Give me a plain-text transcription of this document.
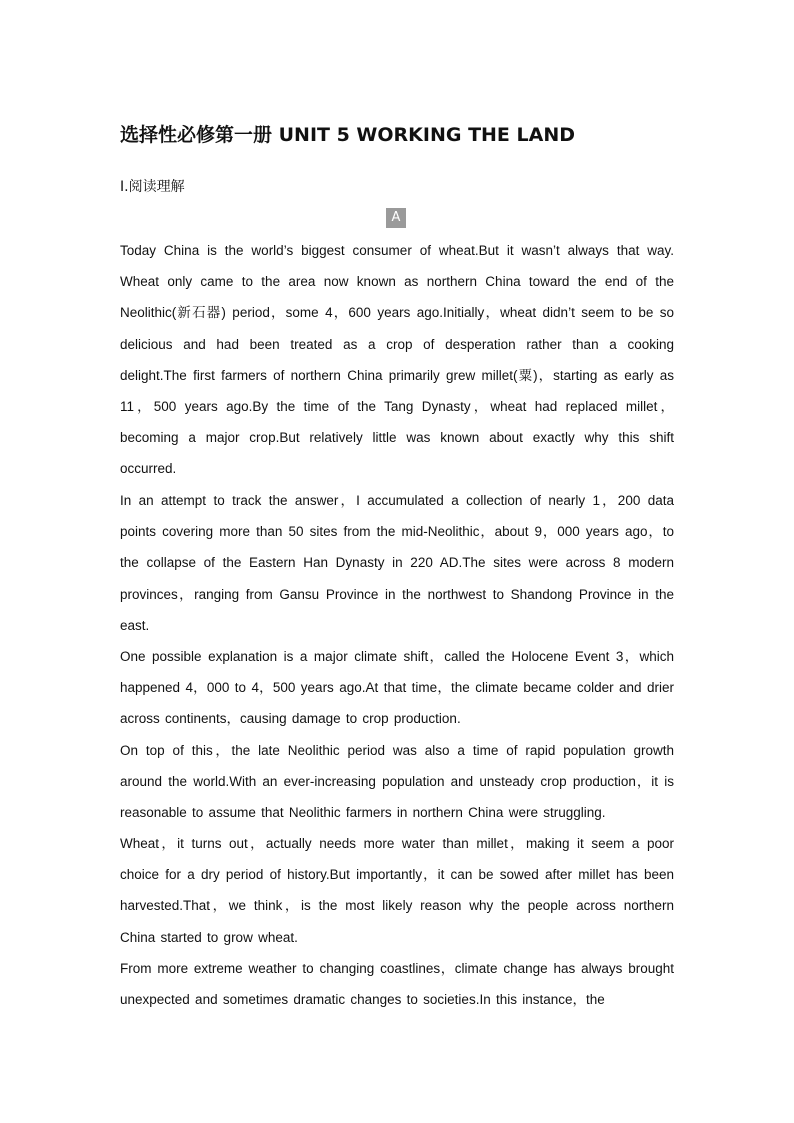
选择性必修第一册 UNIT 5 WORKING THE LAND
Ⅰ.阅读理解
A

Today China is the world’s biggest consumer of wheat.But it wasn’t always that way. Wheat only came to the area now known as northern China toward the end of the Neolithic(新石器) period，some 4，600 years ago.Initially，wheat didn’t seem to be so delicious and had been treated as a crop of desperation rather than a cooking delight.The first farmers of northern China primarily grew millet(粟)，starting as early as 11，500 years ago.By the time of the Tang Dynasty，wheat had replaced millet，becoming a major crop.But relatively little was known about exactly why this shift occurred.

In an attempt to track the answer，I accumulated a collection of nearly 1，200 data points covering more than 50 sites from the mid-Neolithic，about 9，000 years ago，to the collapse of the Eastern Han Dynasty in 220 AD.The sites were across 8 modern provinces，ranging from Gansu Province in the northwest to Shandong Province in the east.

One possible explanation is a major climate shift，called the Holocene Event 3，which happened 4，000 to 4，500 years ago.At that time，the climate became colder and drier across continents，causing damage to crop production.

On top of this，the late Neolithic period was also a time of rapid population growth around the world.With an ever-increasing population and unsteady crop production，it is reasonable to assume that Neolithic farmers in northern China were struggling.

Wheat，it turns out，actually needs more water than millet，making it seem a poor choice for a dry period of history.But importantly，it can be sowed after millet has been harvested.That，we think，is the most likely reason why the people across northern China started to grow wheat.

From more extreme weather to changing coastlines，climate change has always brought unexpected and sometimes dramatic changes to societies.In this instance，the
